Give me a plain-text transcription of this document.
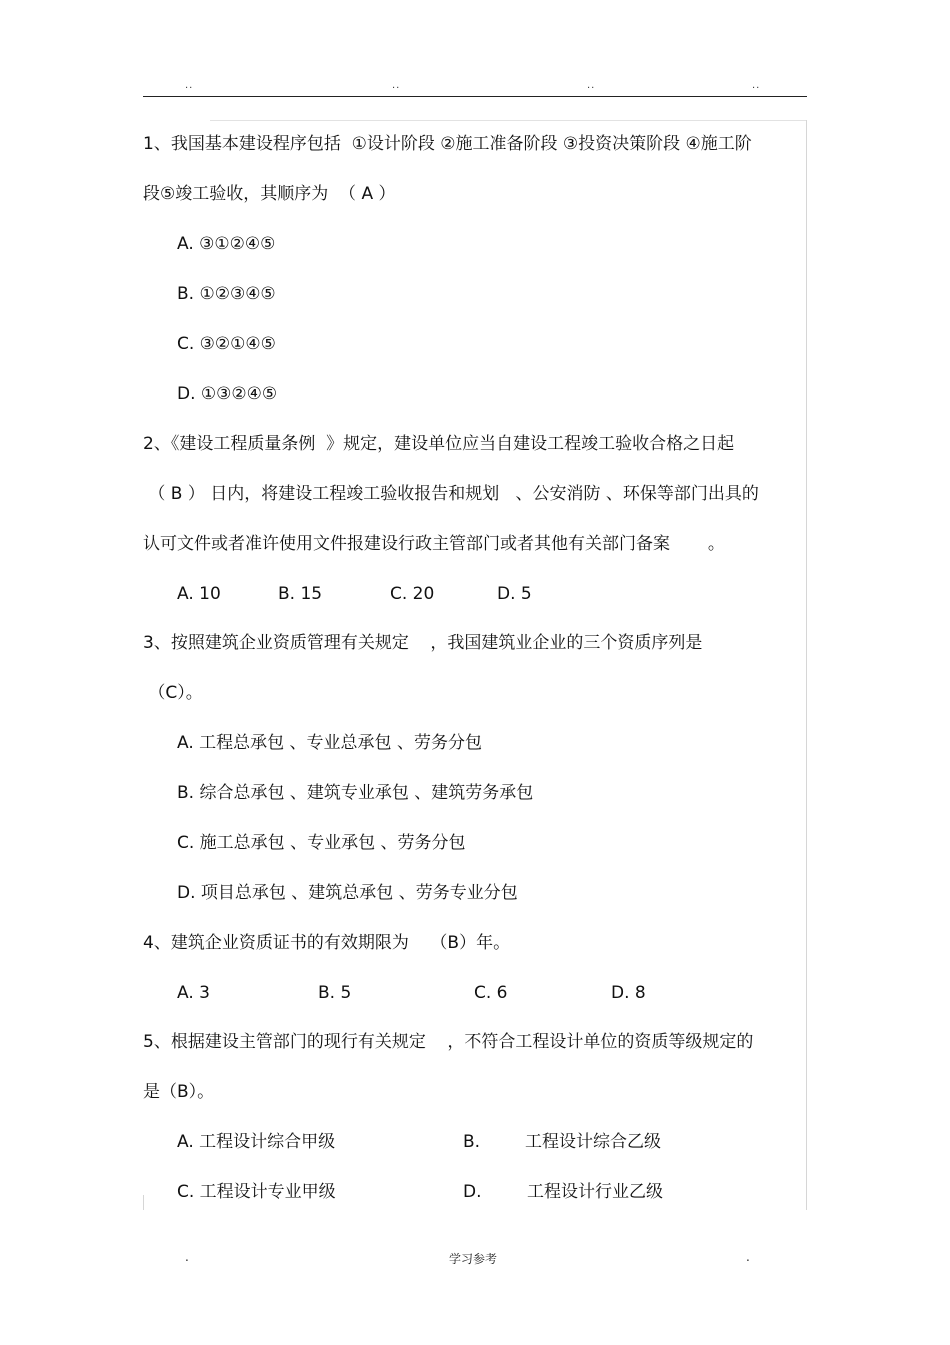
..	..	..	..
1、我国基本建设程序包括  ①设计阶段 ②施工准备阶段 ③投资决策阶段 ④施工阶
段⑤竣工验收，其顺序为  （ A ）
A. ③①②④⑤
B. ①②③④⑤
C. ③②①④⑤
D. ①③②④⑤
2、《建设工程质量条例  》规定，建设单位应当自建设工程竣工验收合格之日起
（ B ） 日内，将建设工程竣工验收报告和规划   、公安消防 、环保等部门出具的
认可文件或者准许使用文件报建设行政主管部门或者其他有关部门备案       。
A. 10	B. 15	C. 20	D. 5
3、按照建筑企业资质管理有关规定    ，我国建筑业企业的三个资质序列是
（C）。
A. 工程总承包 、专业总承包 、劳务分包
B. 综合总承包 、建筑专业承包 、建筑劳务承包
C. 施工总承包 、专业承包 、劳务分包
D. 项目总承包 、建筑总承包 、劳务专业分包
4、建筑企业资质证书的有效期限为    （B）年。
A. 3	B. 5	C. 6	D. 8
5、根据建设主管部门的现行有关规定    ，不符合工程设计单位的资质等级规定的
是（B）。
A. 工程设计综合甲级	B.	工程设计综合乙级
C. 工程设计专业甲级	D.	工程设计行业乙级
.	学习参考	.
